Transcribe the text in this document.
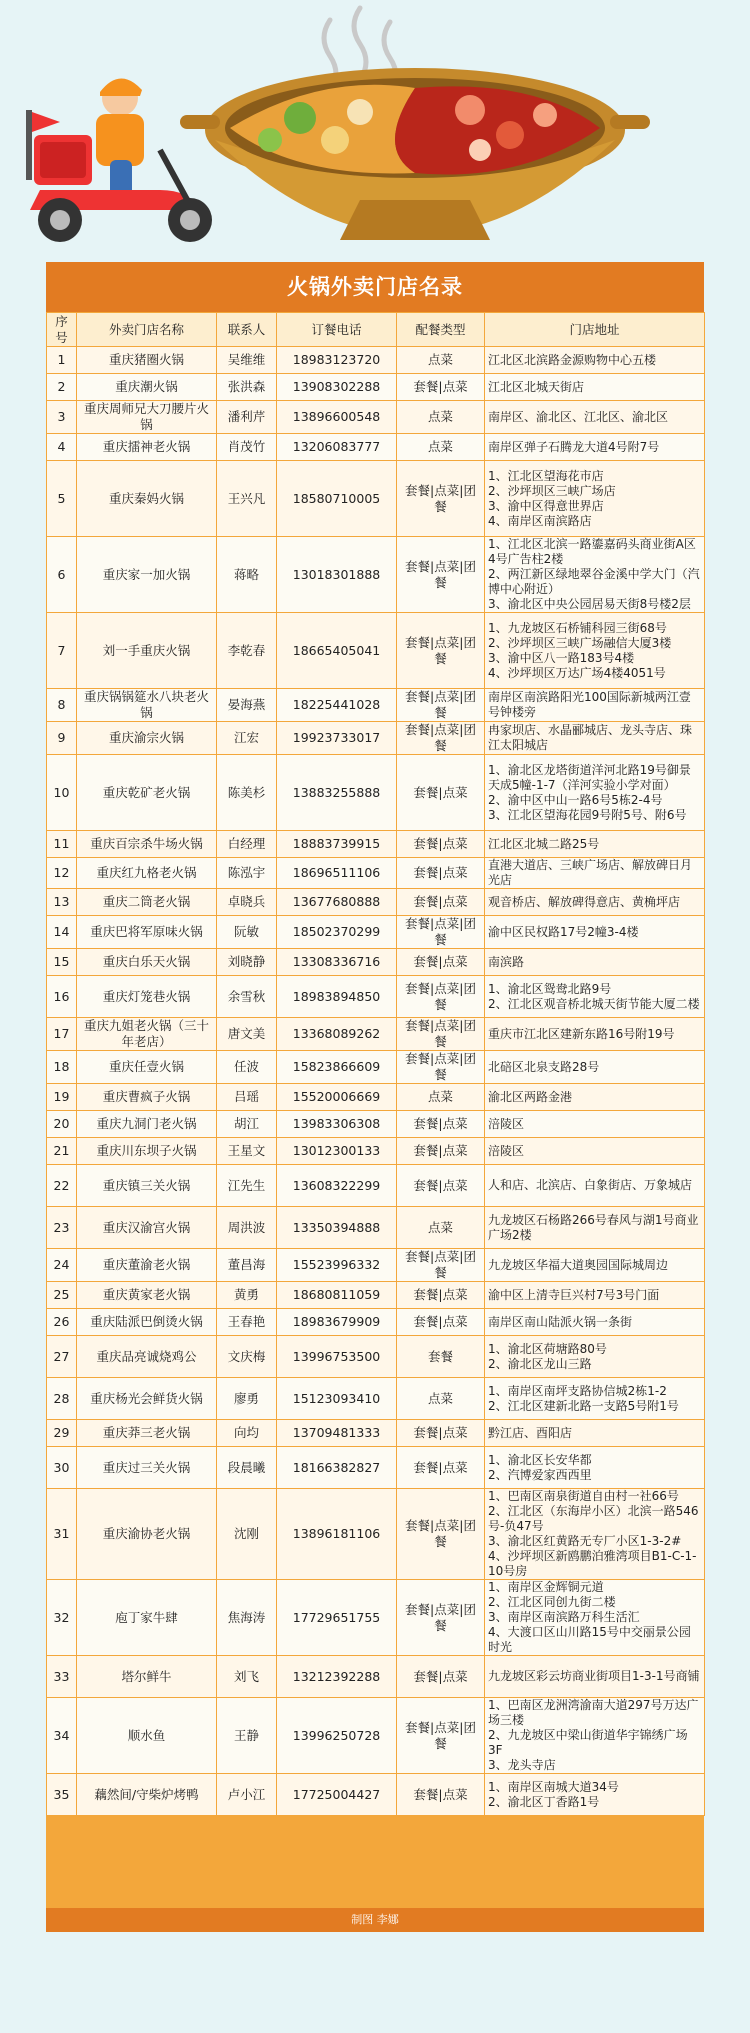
火锅外卖门店名录
序号	外卖门店名称	联系人	订餐电话	配餐类型	门店地址
1	重庆猪圈火锅	吴维维	18983123720	点菜	江北区北滨路金源购物中心五楼

2	重庆潮火锅	张洪森	13908302288	套餐|点菜	江北区北城天街店

3	重庆周师兄大刀腰片火锅	潘利芹	13896600548	点菜	南岸区、渝北区、江北区、渝北区

4	重庆擂神老火锅	肖茂竹	13206083777	点菜	南岸区弹子石腾龙大道4号附7号

5	重庆秦妈火锅	王兴凡	18580710005	套餐|点菜|团餐	1、江北区望海花市店
2、沙坪坝区三峡广场店
3、渝中区得意世界店
4、南岸区南滨路店

6	重庆家一加火锅	蒋略	13018301888	套餐|点菜|团餐	1、江北区北滨一路鎏嘉码头商业街A区4号广告柱2楼
2、两江新区绿地翠谷金溪中学大门（汽博中心附近）
3、渝北区中央公园居易天街8号楼2层

7	刘一手重庆火锅	李乾春	18665405041	套餐|点菜|团餐	1、九龙坡区石桥铺科园三街68号
2、沙坪坝区三峡广场融信大厦3楼
3、渝中区八一路183号4楼
4、沙坪坝区万达广场4楼4051号

8	重庆锅锅筵水八块老火锅	晏海燕	18225441028	套餐|点菜|团餐	南岸区南滨路阳光100国际新城两江壹号钟楼旁

9	重庆渝宗火锅	江宏	19923733017	套餐|点菜|团餐	冉家坝店、水晶郦城店、龙头寺店、珠江太阳城店

10	重庆乾矿老火锅	陈美杉	13883255888	套餐|点菜	1、渝北区龙塔街道洋河北路19号御景天成5幢-1-7（洋河实验小学对面）
2、渝中区中山一路6号5栋2-4号
3、江北区望海花园9号附5号、附6号

11	重庆百宗杀牛场火锅	白经理	18883739915	套餐|点菜	江北区北城二路25号

12	重庆红九格老火锅	陈泓宇	18696511106	套餐|点菜	直港大道店、三峡广场店、解放碑日月光店

13	重庆二筒老火锅	卓晓兵	13677680888	套餐|点菜	观音桥店、解放碑得意店、黄桷坪店

14	重庆巴将军原味火锅	阮敏	18502370299	套餐|点菜|团餐	渝中区民权路17号2幢3-4楼

15	重庆白乐天火锅	刘晓静	13308336716	套餐|点菜	南滨路

16	重庆灯笼巷火锅	余雪秋	18983894850	套餐|点菜|团餐	1、渝北区鸳鸯北路9号
2、江北区观音桥北城天街节能大厦二楼

17	重庆九姐老火锅（三十年老店）	唐文美	13368089262	套餐|点菜|团餐	重庆市江北区建新东路16号附19号

18	重庆任壹火锅	任波	15823866609	套餐|点菜|团餐	北碚区北泉支路28号

19	重庆曹疯子火锅	吕瑶	15520006669	点菜	渝北区两路金港

20	重庆九洞门老火锅	胡江	13983306308	套餐|点菜	涪陵区

21	重庆川东坝子火锅	王星文	13012300133	套餐|点菜	涪陵区

22	重庆镇三关火锅	江先生	13608322299	套餐|点菜	人和店、北滨店、白象街店、万象城店

23	重庆汉渝宫火锅	周洪波	13350394888	点菜	九龙坡区石杨路266号春风与湖1号商业广场2楼

24	重庆董渝老火锅	董昌海	15523996332	套餐|点菜|团餐	九龙坡区华福大道奥园国际城周边

25	重庆黄家老火锅	黄勇	18680811059	套餐|点菜	渝中区上清寺巨兴村7号3号门面

26	重庆陆派巴倒烫火锅	王春艳	18983679909	套餐|点菜	南岸区南山陆派火锅一条街

27	重庆品亮诚烧鸡公	文庆梅	13996753500	套餐	1、渝北区荷塘路80号
2、渝北区龙山三路

28	重庆杨光会鲜货火锅	廖勇	15123093410	点菜	1、南岸区南坪支路协信城2栋1-2
2、江北区建新北路一支路5号附1号

29	重庆莽三老火锅	向均	13709481333	套餐|点菜	黔江店、酉阳店

30	重庆过三关火锅	段晨曦	18166382827	套餐|点菜	1、渝北区长安华都
2、汽博爱家西西里

31	重庆渝协老火锅	沈刚	13896181106	套餐|点菜|团餐	1、巴南区南泉街道自由村一社66号
2、江北区（东海岸小区）北滨一路546号-负47号
3、渝北区红黄路无专厂小区1-3-2#
4、沙坪坝区新鸥鹏泊雅湾项目B1-C-1-10号房

32	庖丁家牛肆	焦海涛	17729651755	套餐|点菜|团餐	1、南岸区金辉铜元道
2、江北区同创九街二楼
3、南岸区南滨路万科生活汇
4、大渡口区山川路15号中交丽景公园时光

33	塔尔鲜牛	刘飞	13212392288	套餐|点菜	九龙坡区彩云坊商业街项目1-3-1号商铺

34	顺水鱼	王静	13996250728	套餐|点菜|团餐	1、巴南区龙洲湾渝南大道297号万达广场三楼
2、九龙坡区中梁山街道华宇锦绣广场3F
3、龙头寺店

35	藕然间/守柴炉烤鸭	卢小江	17725004427	套餐|点菜	1、南岸区南城大道34号
2、渝北区丁香路1号
制图 李娜
